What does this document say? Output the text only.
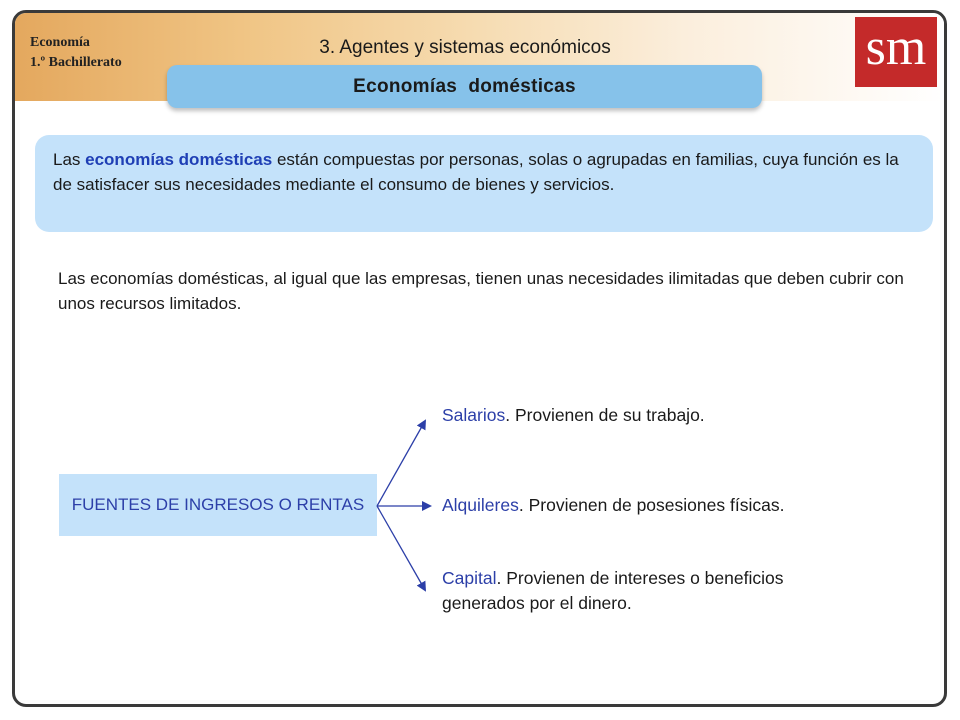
Economía
1.º Bachillerato
3. Agentes y sistemas económicos
Economías  domésticas
sm
Las economías domésticas están compuestas por personas, solas o agrupadas en familias, cuya función es la de satisfacer sus necesidades mediante el consumo de bienes y servicios.
Las economías domésticas, al igual que las empresas, tienen unas necesidades ilimitadas que deben cubrir con unos recursos limitados.
FUENTES DE INGRESOS O RENTAS
Salarios. Provienen de su trabajo.
Alquileres. Provienen de posesiones físicas.
Capital. Provienen de intereses o beneficios generados por el dinero.
